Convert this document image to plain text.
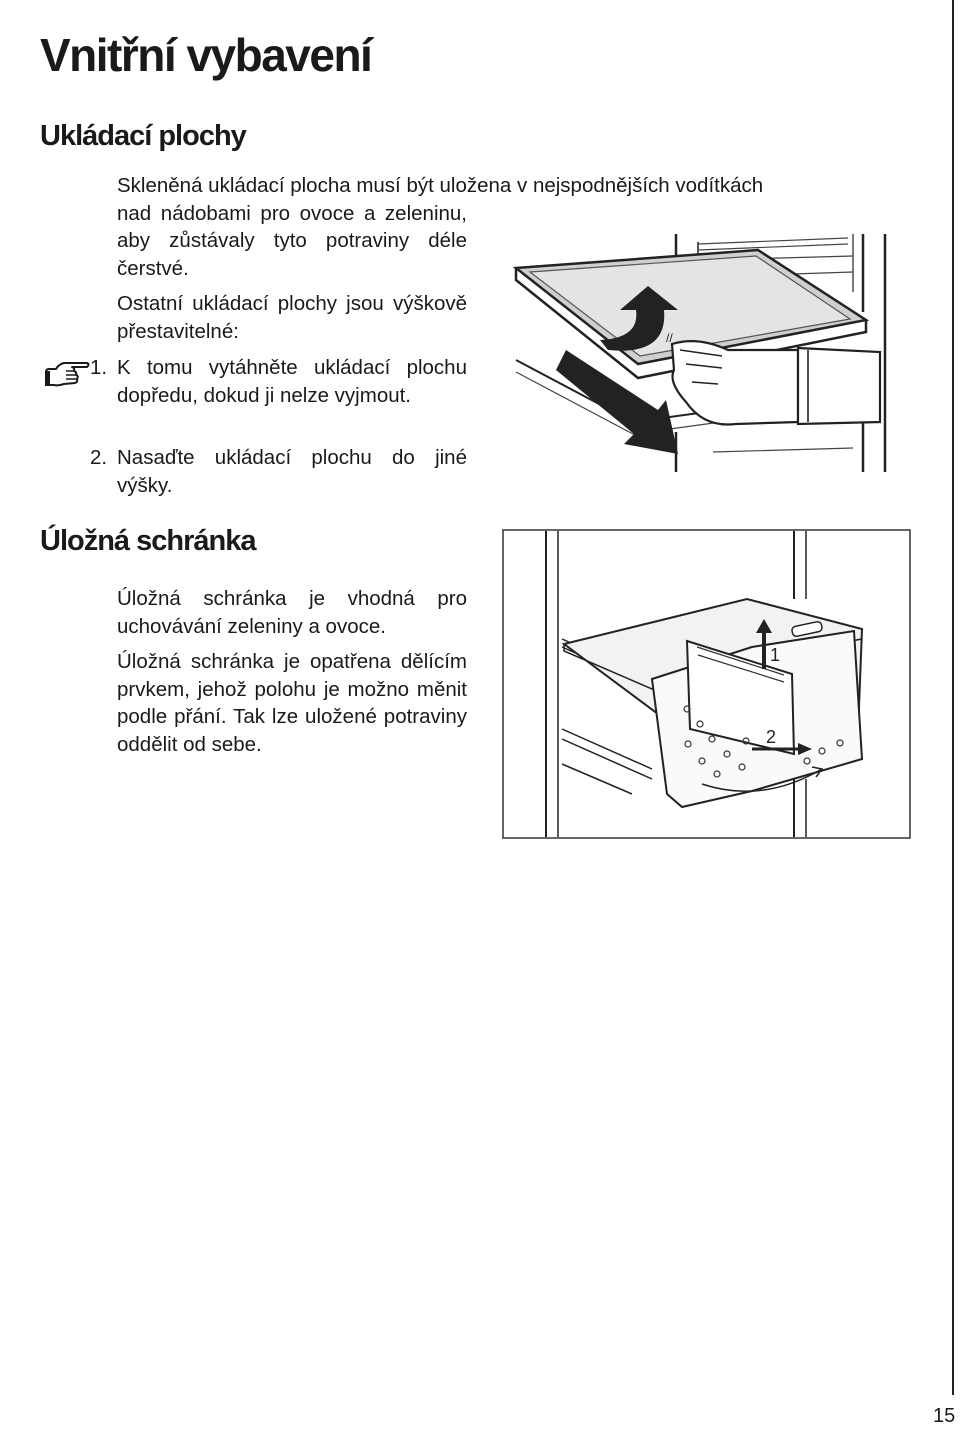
Vnitřní vybavení
Ukládací plochy

Skleněná ukládací plocha musí být uložena v nejspodnějších vodítkách

nad nádobami pro ovoce a zeleninu, aby zůstávaly tyto potraviny déle čerstvé.

Ostatní ukládací plochy jsou výškově přestavitelné:

1. K tomu vytáhněte ukládací plochu dopředu, dokud ji nelze vyjmout.
2. Nasaďte ukládací plochu do jiné výšky.
//
Úložná schránka

Úložná schránka je vhodná pro uchovávání zeleniny a ovoce.

Úložná schránka je opatřena dělícím prvkem, jehož polohu je možno měnit podle přání. Tak lze uložené potraviny oddělit od sebe.

1
2
15
